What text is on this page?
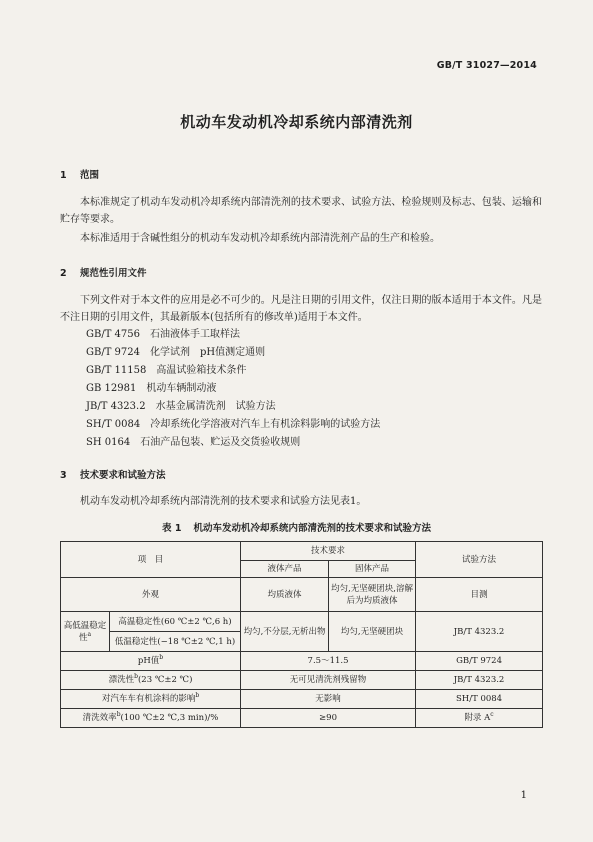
GB/T 31027—2014
机动车发动机冷却系统内部清洗剂
1 范围
本标准规定了机动车发动机冷却系统内部清洗剂的技术要求、试验方法、检验规则及标志、包装、运输和贮存等要求。
本标准适用于含碱性组分的机动车发动机冷却系统内部清洗剂产品的生产和检验。
2 规范性引用文件
下列文件对于本文件的应用是必不可少的。凡是注日期的引用文件，仅注日期的版本适用于本文件。凡是不注日期的引用文件，其最新版本(包括所有的修改单)适用于本文件。
GB/T 4756 石油液体手工取样法
GB/T 9724 化学试剂　pH值测定通则
GB/T 11158 高温试验箱技术条件
GB 12981 机动车辆制动液
JB/T 4323.2 水基金属清洗剂　试验方法
SH/T 0084 冷却系统化学溶液对汽车上有机涂料影响的试验方法
SH 0164 石油产品包装、贮运及交货验收规则
3 技术要求和试验方法
机动车发动机冷却系统内部清洗剂的技术要求和试验方法见表1。
表 1 机动车发动机冷却系统内部清洗剂的技术要求和试验方法
项　目		技术要求		试验方法
		液体产品	固体产品	
外观		均质液体	均匀,无坚硬团块,溶解后为均质液体	目测
高低温稳定性$^a$	高温稳定性(60 ℃±2 ℃,6 h)	均匀,不分层,无析出物	均匀,无坚硬团块	JB/T 4323.2
	低温稳定性(−18 ℃±2 ℃,1 h)			
pH值$^b$		7.5～11.5		GB/T 9724
漂洗性$^b$(23 ℃±2 ℃)		无可见清洗剂残留物		JB/T 4323.2
对汽车车有机涂料的影响$^b$		无影响		SH/T 0084
清洗效率$^b$(100 ℃±2 ℃,3 min)/%		≥90		附录 $A^c$
1
